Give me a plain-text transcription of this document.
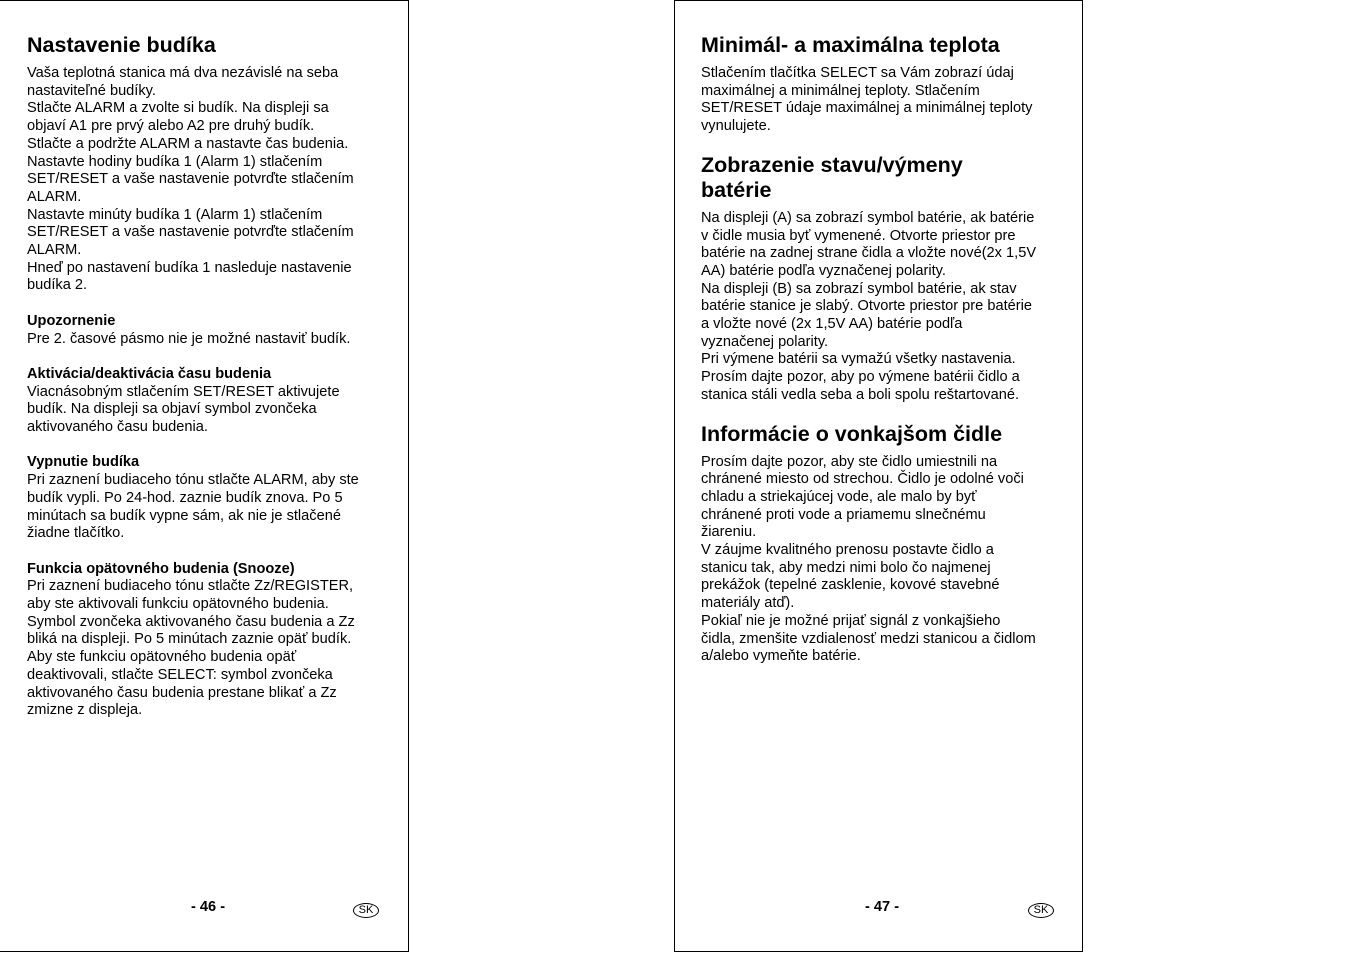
Nastavenie budíka

Vaša teplotná stanica má dva nezávislé na seba
nastaviteľné budíky.
Stlačte ALARM a zvolte si budík. Na displeji sa
objaví A1 pre prvý alebo A2 pre druhý budík.
Stlačte a podržte ALARM a nastavte čas budenia.
Nastavte hodiny budíka 1 (Alarm 1) stlačením
SET/RESET a vaše nastavenie potvrďte stlačením
ALARM.
Nastavte minúty budíka 1 (Alarm 1) stlačením
SET/RESET a vaše nastavenie potvrďte stlačením
ALARM.
Hneď po nastavení budíka 1 nasleduje nastavenie
budíka 2.

Upozornenie

Pre 2. časové pásmo nie je možné nastaviť budík.

Aktivácia/deaktivácia času budenia

Viacnásobným stlačením SET/RESET aktivujete
budík. Na displeji sa objaví symbol zvončeka
aktivovaného času budenia.

Vypnutie budíka

Pri zaznení budiaceho tónu stlačte ALARM, aby ste
budík vypli. Po 24-hod. zaznie budík znova. Po 5
minútach sa budík vypne sám, ak nie je stlačené
žiadne tlačítko.

Funkcia opätovného budenia (Snooze)

Pri zaznení budiaceho tónu stlačte Zz/REGISTER,
aby ste aktivovali funkciu opätovného budenia.
Symbol zvončeka aktivovaného času budenia a Zz
bliká na displeji. Po 5 minútach zaznie opäť budík.
Aby ste funkciu opätovného budenia opäť
deaktivovali, stlačte SELECT: symbol zvončeka
aktivovaného času budenia prestane blikať a Zz
zmizne z displeja.

- 46 -	SK
Minimál- a maximálna teplota

Stlačením tlačítka SELECT sa Vám zobrazí údaj
maximálnej a minimálnej teploty. Stlačením
SET/RESET údaje maximálnej a minimálnej teploty
vynulujete.

Zobrazenie stavu/výmeny
batérie

Na displeji (A) sa zobrazí symbol batérie, ak batérie
v čidle musia byť vymenené. Otvorte priestor pre
batérie na zadnej strane čidla a vložte nové(2x 1,5V
AA) batérie podľa vyznačenej polarity.
Na displeji (B) sa zobrazí symbol batérie, ak stav
batérie stanice je slabý. Otvorte priestor pre batérie
a vložte nové (2x 1,5V AA) batérie podľa
vyznačenej polarity.
Pri výmene batérii sa vymažú všetky nastavenia.
Prosím dajte pozor, aby po výmene batérii čidlo a
stanica stáli vedla seba a boli spolu reštartované.

Informácie o vonkajšom čidle

Prosím dajte pozor, aby ste čidlo umiestnili na
chránené miesto od strechou. Čidlo je odolné voči
chladu a striekajúcej vode, ale malo by byť
chránené proti vode a priamemu slnečnému
žiareniu.
V záujme kvalitného prenosu postavte čidlo a
stanicu tak, aby medzi nimi bolo čo najmenej
prekážok (tepelné zasklenie, kovové stavebné
materiály atď).
Pokiaľ nie je možné prijať signál z vonkajšieho
čidla, zmenšite vzdialenosť medzi stanicou a čidlom
a/alebo vymeňte batérie.

- 47 -	SK
